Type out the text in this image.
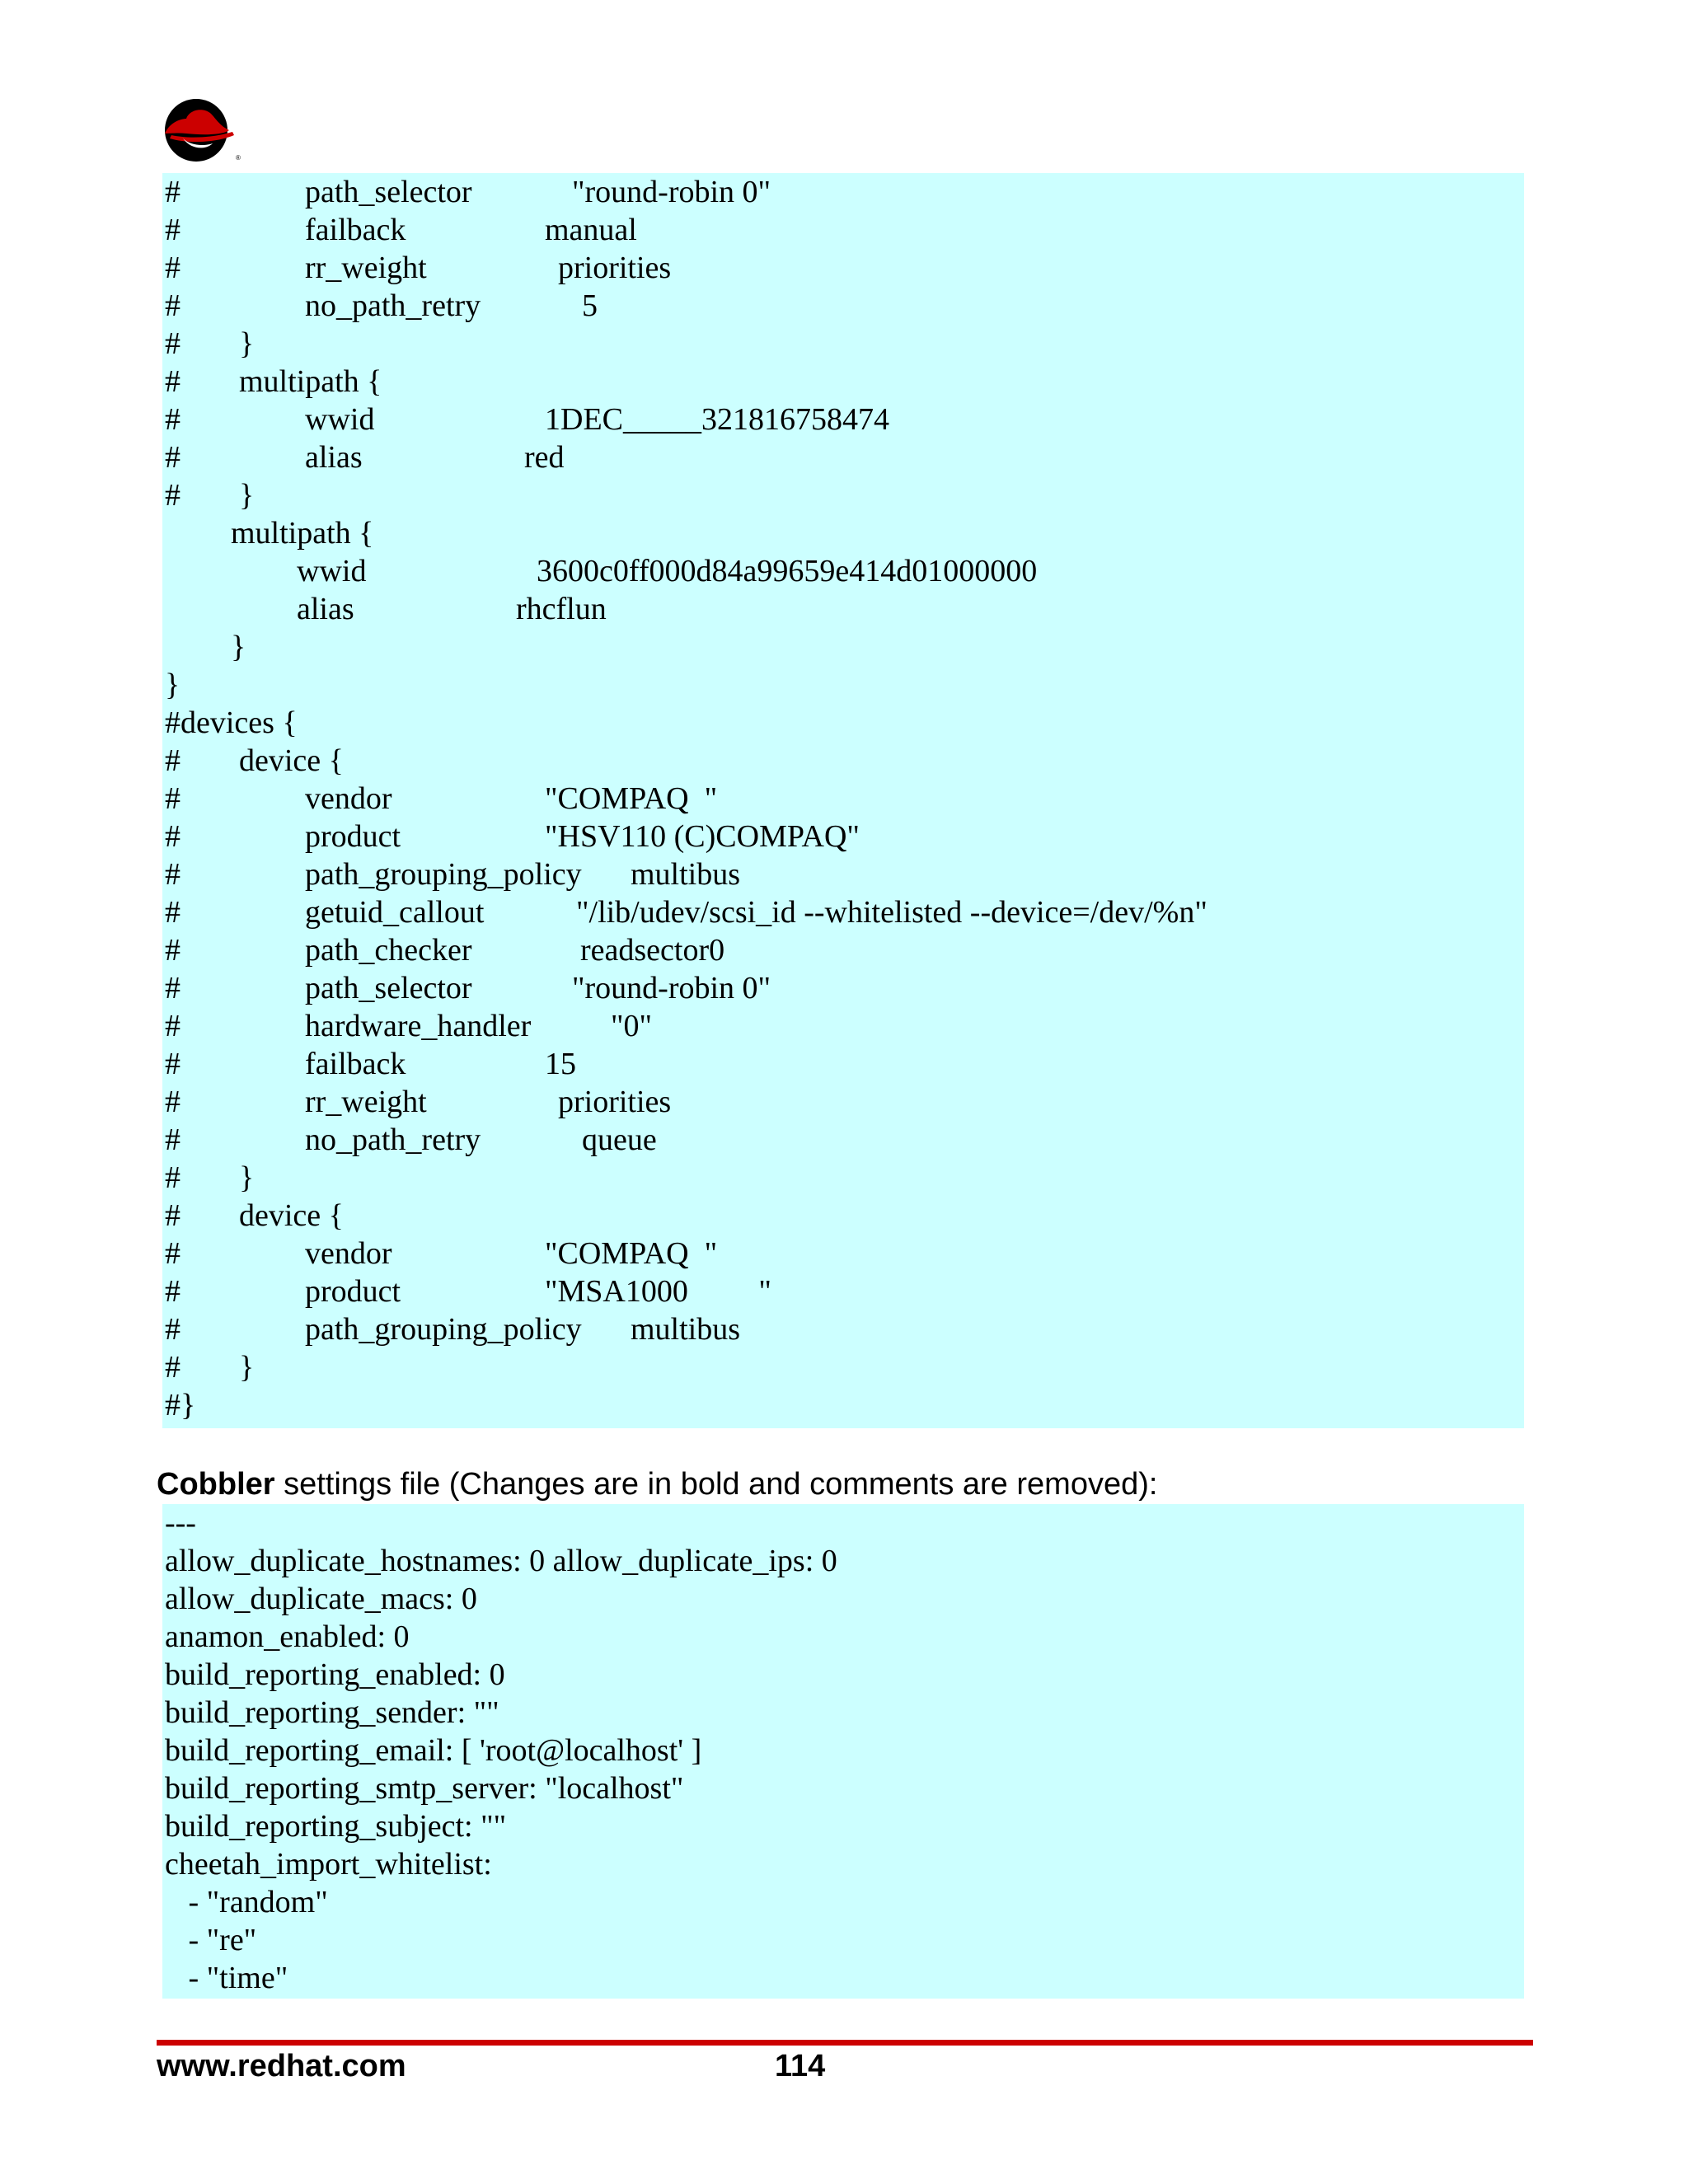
®
#	path_selector	"round-robin 0"
#	failback	manual
#	rr_weight	priorities
#	no_path_retry	5
# }
# multipath {
#	wwid	1DEC_____321816758474
#	alias	red
# }
multipath {
wwid	3600c0ff000d84a99659e414d01000000
alias	rhcflun
}
}
#devices {
# device {
#	vendor	"COMPAQ  "
#	product	"HSV110 (C)COMPAQ"
#	path_grouping_policy multibus
#	getuid_callout	"/lib/udev/scsi_id --whitelisted --device=/dev/%n"
#	path_checker	readsector0
#	path_selector	"round-robin 0"
#	hardware_handler	"0"
#	failback	15
#	rr_weight	priorities
#	no_path_retry	queue
# }
# device {
#	vendor	"COMPAQ  "
#	product	"MSA1000         "
#	path_grouping_policy multibus
# }
#}
Cobbler settings file (Changes are in bold and comments are removed):
---
allow_duplicate_hostnames: 0 allow_duplicate_ips: 0
allow_duplicate_macs: 0
anamon_enabled: 0
build_reporting_enabled: 0
build_reporting_sender: ""
build_reporting_email: [ 'root@localhost' ]
build_reporting_smtp_server: "localhost"
build_reporting_subject: ""
cheetah_import_whitelist:
- "random"
- "re"
- "time"
www.redhat.com	114
